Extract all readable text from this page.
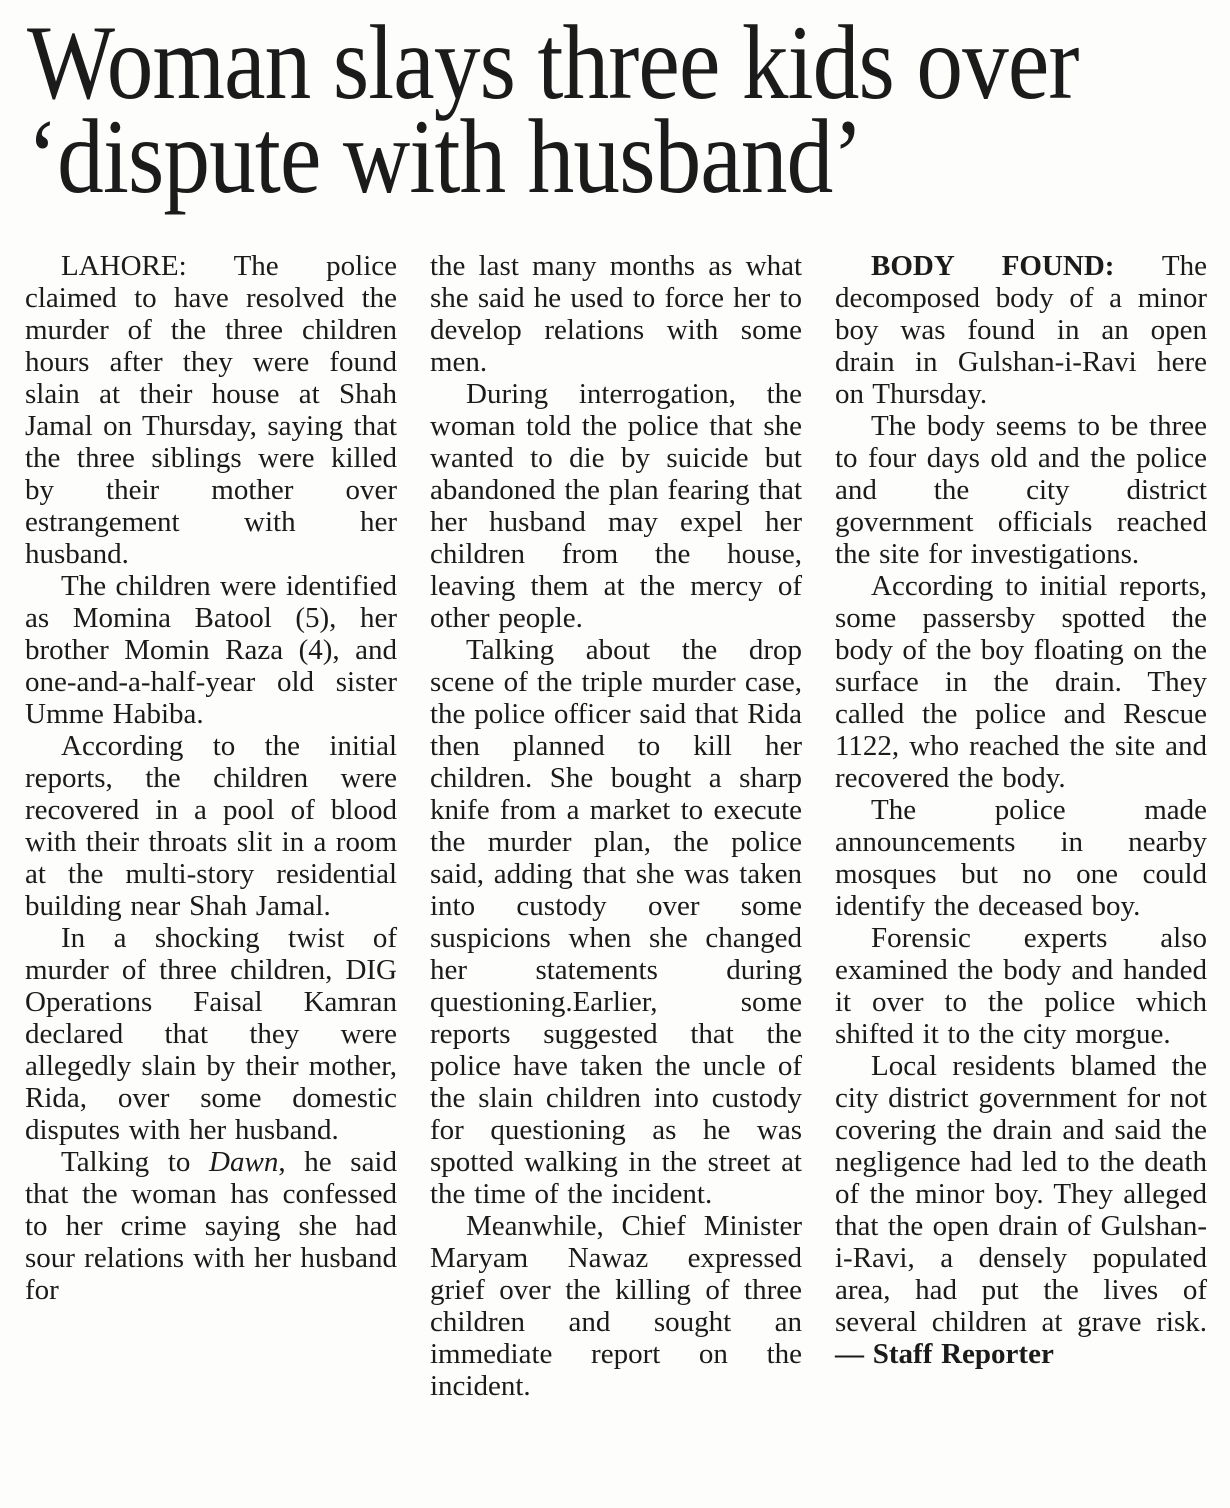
Woman slays three kids over
‘dispute with husband’

LAHORE: The police claimed to have resolved the murder of the three children hours after they were found slain at their house at Shah Jamal on Thursday, saying that the three siblings were killed by their mother over estrangement with her husband.

The children were identified as Momina Batool (5), her brother Momin Raza (4), and one-and-a-half-year old sister Umme Habiba.

According to the initial reports, the children were recovered in a pool of blood with their throats slit in a room at the multi-story residential building near Shah Jamal.

In a shocking twist of murder of three children, DIG Operations Faisal Kamran declared that they were allegedly slain by their mother, Rida, over some domestic disputes with her husband.

Talking to Dawn, he said that the woman has confessed to her crime saying she had sour relations with her husband for

the last many months as what she said he used to force her to develop relations with some men.

During interrogation, the woman told the police that she wanted to die by suicide but abandoned the plan fearing that her husband may expel her children from the house, leaving them at the mercy of other people.

Talking about the drop scene of the triple murder case, the police officer said that Rida then planned to kill her children. She bought a sharp knife from a market to execute the murder plan, the police said, adding that she was taken into custody over some suspicions when she changed her statements during questioning.Earlier, some reports suggested that the police have taken the uncle of the slain children into custody for questioning as he was spotted walking in the street at the time of the incident.

Meanwhile, Chief Minister Maryam Nawaz expressed grief over the killing of three children and sought an immediate report on the incident.

BODY FOUND: The decomposed body of a minor boy was found in an open drain in Gulshan-i-Ravi here on Thursday.

The body seems to be three to four days old and the police and the city district government officials reached the site for investigations.

According to initial reports, some passersby spotted the body of the boy floating on the surface in the drain. They called the police and Rescue 1122, who reached the site and recovered the body.

The police made announcements in nearby mosques but no one could identify the deceased boy.

Forensic experts also examined the body and handed it over to the police which shifted it to the city morgue.

Local residents blamed the city district government for not covering the drain and said the negligence had led to the death of the minor boy. They alleged that the open drain of Gulshan-i-Ravi, a densely populated area, had put the lives of several children at grave risk. — Staff Reporter
